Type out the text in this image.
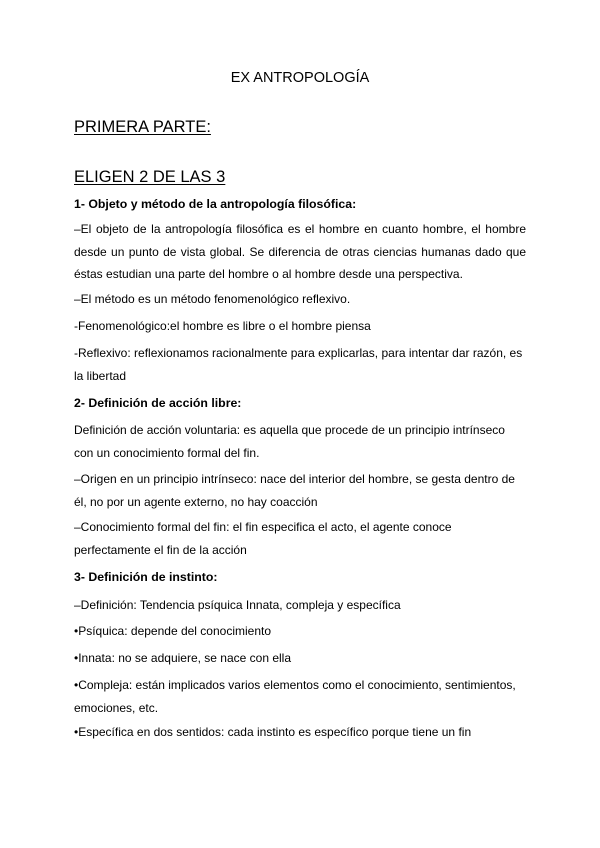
EX ANTROPOLOGÍA
PRIMERA PARTE:
ELIGEN 2 DE LAS 3
1- Objeto y método de la antropología filosófica:
–El objeto de la antropología filosófica es el hombre en cuanto hombre, el hombre desde un punto de vista global. Se diferencia de otras ciencias humanas dado que éstas estudian una parte del hombre o al hombre desde una perspectiva.
–El método es un método fenomenológico reflexivo.
-Fenomenológico:el hombre es libre o el hombre piensa
-Reflexivo: reflexionamos racionalmente para explicarlas, para intentar dar razón, es la libertad
2- Definición de acción libre:
Definición de acción voluntaria: es aquella que procede de un principio intrínseco con un conocimiento formal del fin.
–Origen en un principio intrínseco: nace del interior del hombre, se gesta dentro de él, no por un agente externo, no hay coacción
–Conocimiento formal del fin: el fin especifica el acto, el agente conoce perfectamente el fin de la acción
3- Definición de instinto:
–Definición: Tendencia psíquica Innata, compleja y específica
•Psíquica: depende del conocimiento
•Innata: no se adquiere, se nace con ella
•Compleja: están implicados varios elementos como el conocimiento, sentimientos, emociones, etc.
•Específica en dos sentidos: cada instinto es específico porque tiene un fin
